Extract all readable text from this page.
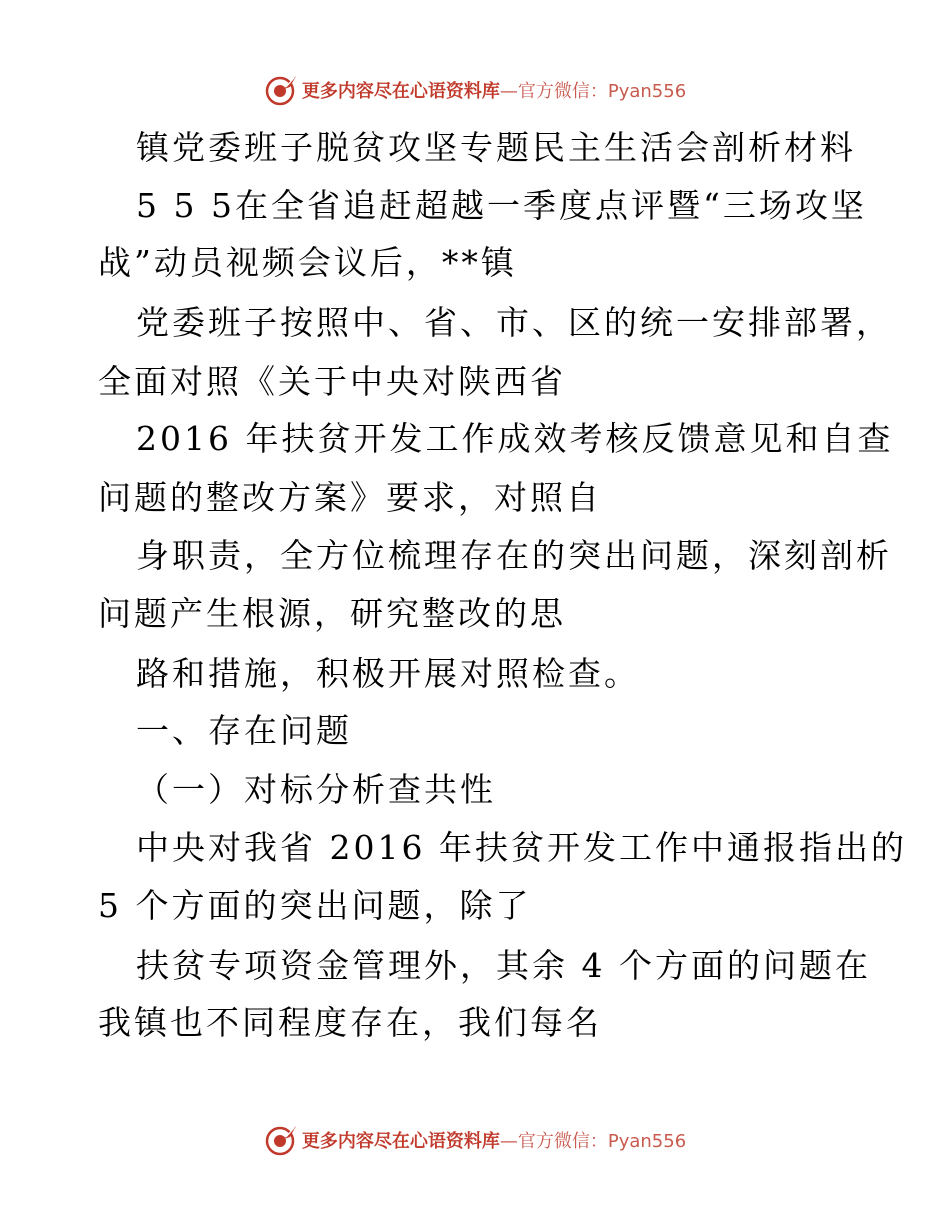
更多内容尽在心语资料库—官方微信：Pyan556
镇党委班子脱贫攻坚专题民主生活会剖析材料
5 5 5在全省追赶超越一季度点评暨“三场攻坚
战”动员视频会议后，**镇
党委班子按照中、省、市、区的统一安排部署，
全面对照《关于中央对陕西省
2016 年扶贫开发工作成效考核反馈意见和自查
问题的整改方案》要求，对照自
身职责，全方位梳理存在的突出问题，深刻剖析
问题产生根源，研究整改的思
路和措施，积极开展对照检查。
一、存在问题
（一）对标分析查共性
中央对我省 2016 年扶贫开发工作中通报指出的
5 个方面的突出问题，除了
扶贫专项资金管理外，其余 4 个方面的问题在
我镇也不同程度存在，我们每名
更多内容尽在心语资料库—官方微信：Pyan556
